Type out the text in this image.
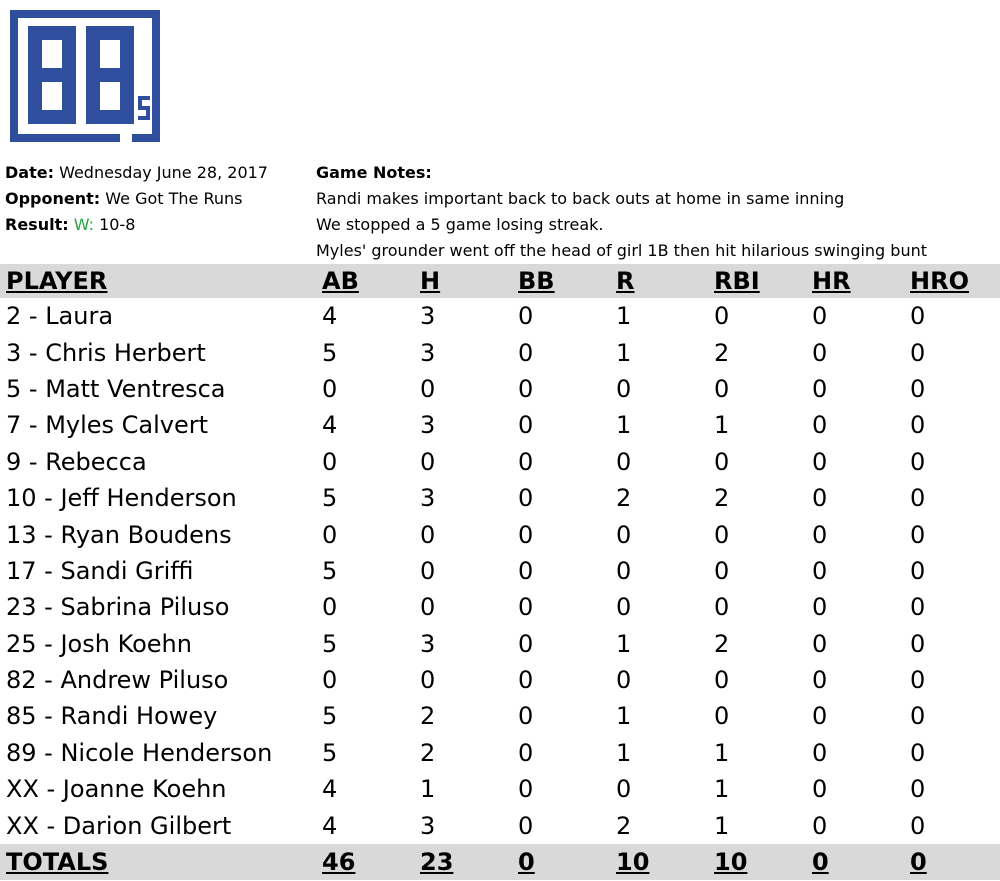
Date: Wednesday June 28, 2017
Opponent: We Got The Runs
Result: W: 10-8
Game Notes:
Randi makes important back to back outs at home in same inning
We stopped a 5 game losing streak.
Myles' grounder went off the head of girl 1B then hit hilarious swinging bunt
PLAYER	AB	H	BB	R	RBI	HR	HRO
2 - Laura	4	3	0	1	0	0	0
3 - Chris Herbert	5	3	0	1	2	0	0
5 - Matt Ventresca	0	0	0	0	0	0	0
7 - Myles Calvert	4	3	0	1	1	0	0
9 - Rebecca	0	0	0	0	0	0	0
10 - Jeff Henderson	5	3	0	2	2	0	0
13 - Ryan Boudens	0	0	0	0	0	0	0
17 - Sandi Griffi	5	0	0	0	0	0	0
23 - Sabrina Piluso	0	0	0	0	0	0	0
25 - Josh Koehn	5	3	0	1	2	0	0
82 - Andrew Piluso	0	0	0	0	0	0	0
85 - Randi Howey	5	2	0	1	0	0	0
89 - Nicole Henderson	5	2	0	1	1	0	0
XX - Joanne Koehn	4	1	0	0	1	0	0
XX - Darion Gilbert	4	3	0	2	1	0	0
TOTALS	46	23	0	10	10	0	0
